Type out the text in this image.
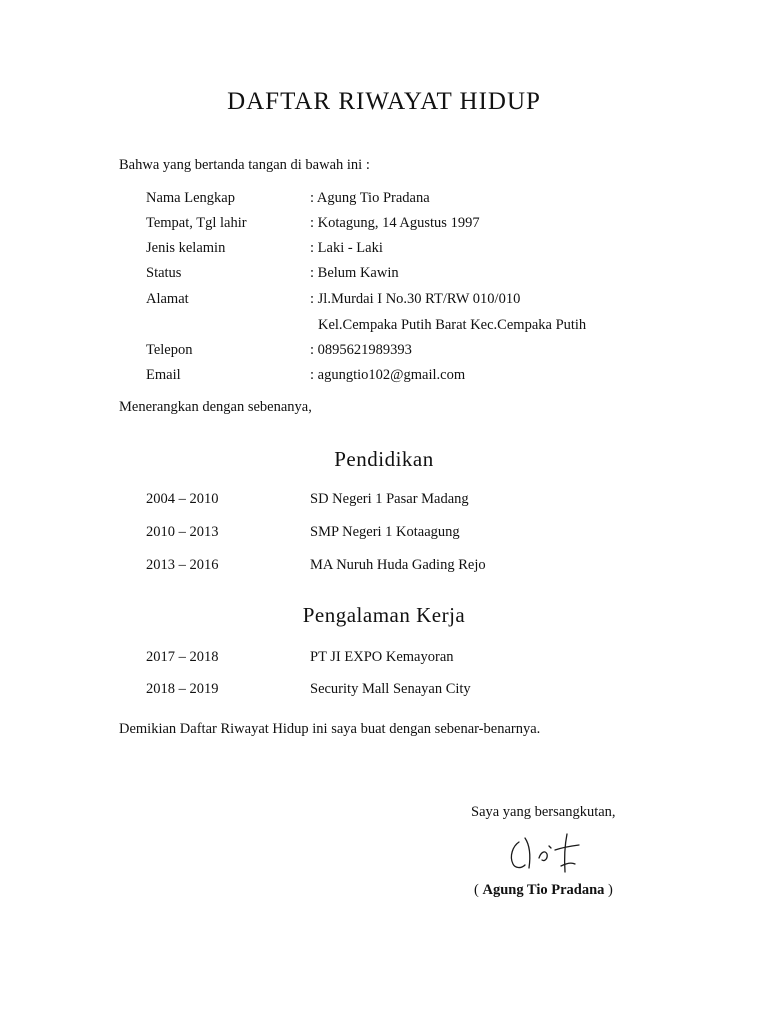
DAFTAR RIWAYAT HIDUP
Bahwa yang bertanda tangan di bawah ini :
Nama Lengkap	: Agung Tio Pradana
Tempat, Tgl lahir	: Kotagung, 14 Agustus 1997
Jenis kelamin	: Laki - Laki
Status	: Belum Kawin
Alamat	: Jl.Murdai I No.30 RT/RW 010/010
Kel.Cempaka Putih Barat Kec.Cempaka Putih
Telepon	: 0895621989393
Email	: agungtio102@gmail.com
Menerangkan dengan sebenanya,
Pendidikan
2004 – 2010	SD Negeri 1 Pasar Madang
2010 – 2013	SMP Negeri 1 Kotaagung
2013 – 2016	MA Nuruh Huda Gading Rejo
Pengalaman Kerja
2017 – 2018	PT JI EXPO Kemayoran
2018 – 2019	Security Mall Senayan City
Demikian Daftar Riwayat Hidup ini saya buat dengan sebenar-benarnya.
Saya yang bersangkutan,
( Agung Tio Pradana )
